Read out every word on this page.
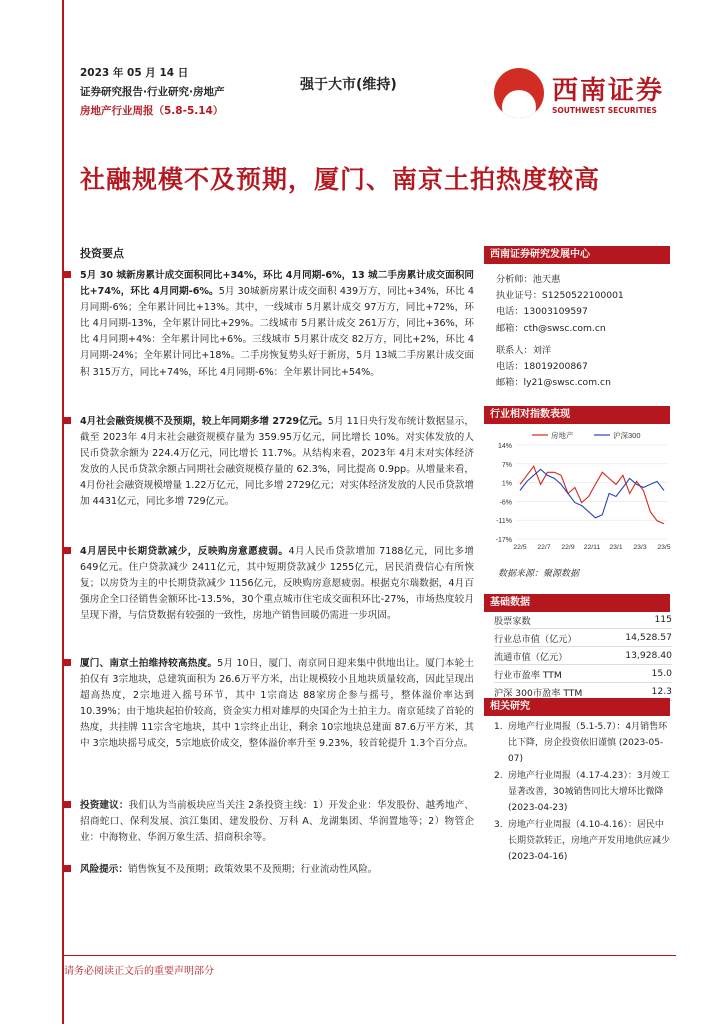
2023 年 05 月 14 日
证券研究报告·行业研究·房地产
房地产行业周报（5.8-5.14）
强于大市(维持)	西南证券
SOUTHWEST SECURITIES
社融规模不及预期，厦门、南京土拍热度较高
投资要点
5月 30 城新房累计成交面积同比+34%，环比 4月同期-6%，13 城二手房累计成交面积同比+74%，环比 4月同期-6%。5月 30城新房累计成交面积 439万方，同比+34%，环比 4月同期-6%；全年累计同比+13%。其中，一线城市 5月累计成交 97万方，同比+72%，环比 4月同期-13%，全年累计同比+29%。二线城市 5月累计成交 261万方，同比+36%，环比 4月同期+4%：全年累计同比+6%。三线城市 5月累计成交 82万方，同比+2%，环比 4月同期-24%；全年累计同比+18%。二手房恢复势头好于新房，5月 13城二手房累计成交面积 315万方，同比+74%，环比 4月同期-6%：全年累计同比+54%。
4月社会融资规模不及预期，较上年同期多增 2729亿元。5月 11日央行发布统计数据显示，截至 2023年 4月末社会融资规模存量为 359.95万亿元，同比增长 10%。对实体发放的人民币贷款余额为 224.4万亿元，同比增长 11.7%。从结构来看，2023年 4月末对实体经济发放的人民币贷款余额占同期社会融资规模存量的 62.3%，同比提高 0.9pp。从增量来看，4月份社会融资规模增量 1.22万亿元，同比多增 2729亿元；对实体经济发放的人民币贷款增加 4431亿元，同比多增 729亿元。
4月居民中长期贷款减少，反映购房意愿疲弱。4月人民币贷款增加 7188亿元，同比多增 649亿元。住户贷款减少 2411亿元，其中短期贷款减少 1255亿元，居民消费信心有所恢复；以房贷为主的中长期贷款减少 1156亿元，反映购房意愿疲弱。根据克尔瑞数据，4月百强房企全口径销售金额环比-13.5%，30个重点城市住宅成交面积环比-27%，市场热度较月呈现下滑，与信贷数据有较强的一致性，房地产销售回暖仍需进一步巩固。
厦门、南京土拍维持较高热度。5月 10日，厦门、南京同日迎来集中供地出让。厦门本轮土拍仅有 3宗地块，总建筑面积为 26.6万平方米，出让规模较小且地块质量较高，因此呈现出超高热度，2宗地进入摇号环节，其中 1宗商达 88家房企参与摇号，整体溢价率达到 10.39%；由于地块起拍价较高，资金实力相对雄厚的央国企为土拍主力。南京延续了首轮的热度，共挂牌 11宗含宅地块，其中 1宗终止出让，剩余 10宗地块总建面 87.6万平方米，其中 3宗地块摇号成交，5宗地底价成交，整体溢价率升至 9.23%，较首轮提升 1.3个百分点。
投资建议：我们认为当前板块应当关注 2条投资主线：1）开发企业：华发股份、越秀地产、招商蛇口、保利发展、滨江集团、建发股份、万科 A、龙湖集团、华润置地等；2）物管企业：中海物业、华润万象生活、招商积余等。
风险提示：销售恢复不及预期；政策效果不及预期；行业流动性风险。
西南证券研究发展中心
分析师：池天惠
执业证号：S1250522100001
电话：13003109597
邮箱：cth@swsc.com.cn
联系人：刘洋
电话：18019200867
邮箱：ly21@swsc.com.cn
行业相对指数表现
房地产	沪深300
14%
7%
1%
-6%
-11%
-17%
22/5 22/7 22/9 22/11 23/1 23/3 23/5
数据来源：聚源数据
基础数据
股票家数	115
行业总市值（亿元）	14,528.57
流通市值（亿元）	13,928.40
行业市盈率 TTM	15.0
沪深 300市盈率 TTM	12.3
相关研究
1. 房地产行业周报（5.1-5.7）：4月销售环比下降，房企投资依旧谨慎 (2023-05-07)
2. 房地产行业周报（4.17-4.23）：3月竣工显著改善，30城销售同比大增环比微降 (2023-04-23)
3. 房地产行业周报（4.10-4.16）：居民中长期贷款转正，房地产开发用地供应减少 (2023-04-16)
请务必阅读正文后的重要声明部分
